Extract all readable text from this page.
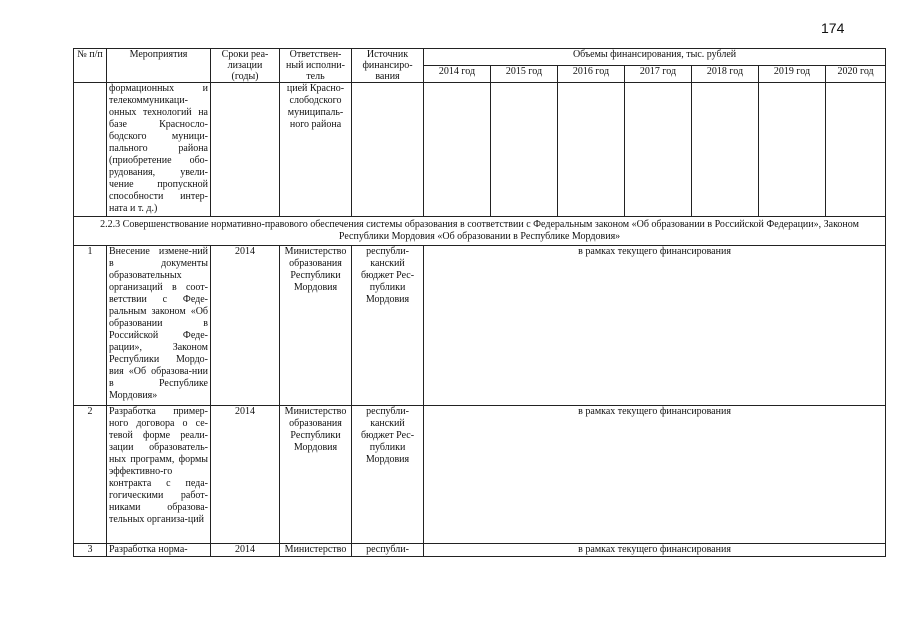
174
№ п/п	Мероприятия	Сроки реа-лизации (годы)	Ответствен-ный исполни-тель	Источник финансиро-вания	Объемы финансирования, тыс. рублей						
					2014 год	2015 год	2016 год	2017 год	2018 год	2019 год	2020 год
	формационных и телекоммуникаци-онных технологий на базе Красносло-бодского муници-пального района (приобретение обо-рудования, увели-чение пропускной способности интер-ната и т. д.)		цией Красно-слободского муниципаль-ного района								
2.2.3 Совершенствование нормативно-правового обеспечения системы образования в соответствии с Федеральным законом «Об образовании в Российской Федерации», Законом Республики Мордовия «Об образовании в Республике Мордовия»											
1	Внесение измене-ний в документы образовательных организаций в соот-ветствии с Феде-ральным законом «Об образовании в Российской Феде-рации», Законом Республики Мордо-вия «Об образова-нии в Республике Мордовия»	2014	Министерство образования Республики Мордовия	республи-канский бюджет Рес-публики Мордовия	в рамках текущего финансирования						
2	Разработка пример-ного договора о се-тевой форме реали-зации образователь-ных программ, формы эффективно-го контракта с педа-гогическими работ-никами образова-тельных организа-ций	2014	Министерство образования Республики Мордовия	республи-канский бюджет Рес-публики Мордовия	в рамках текущего финансирования						
3	Разработка норма-	2014	Министерство	республи-	в рамках текущего финансирования						
